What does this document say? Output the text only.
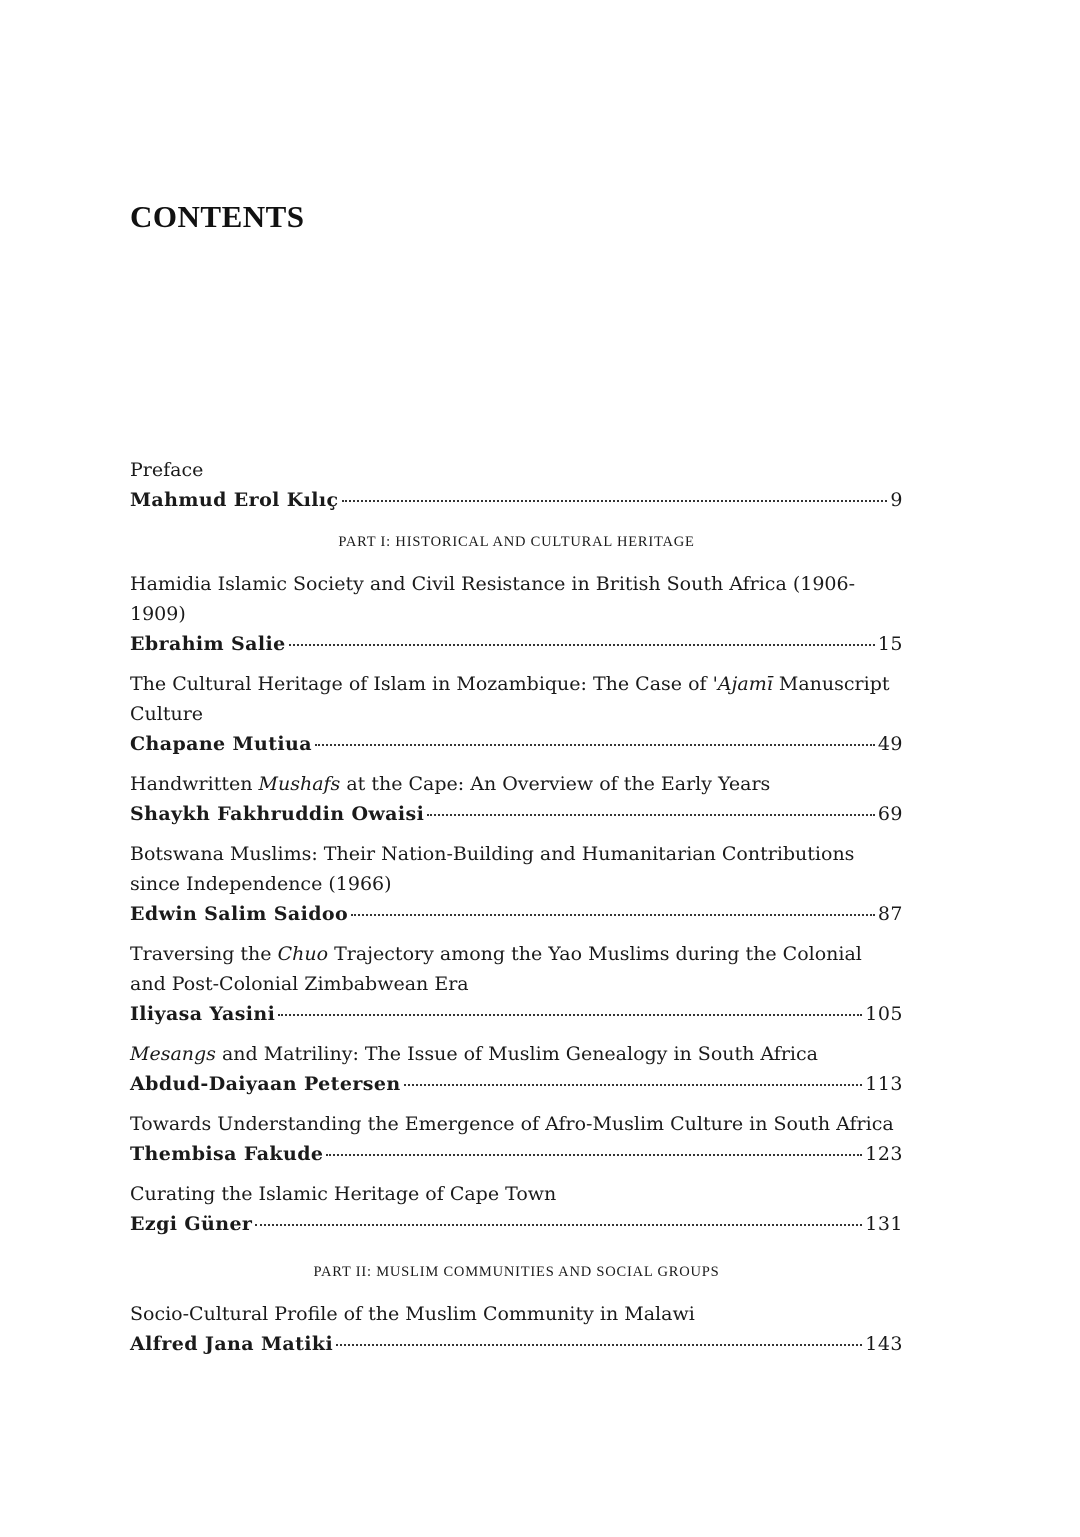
CONTENTS
Preface
Mahmud Erol Kılıç	9
PART I: HISTORICAL AND CULTURAL HERITAGE
Hamidia Islamic Society and Civil Resistance in British South Africa (1906-1909)
Ebrahim Salie	15
The Cultural Heritage of Islam in Mozambique: The Case of 'Ajamī Manuscript Culture
Chapane Mutiua	49
Handwritten Mushafs at the Cape: An Overview of the Early Years
Shaykh Fakhruddin Owaisi	69
Botswana Muslims: Their Nation-Building and Humanitarian Contributions since Independence (1966)
Edwin Salim Saidoo	87
Traversing the Chuo Trajectory among the Yao Muslims during the Colonial and Post-Colonial Zimbabwean Era
Iliyasa Yasini	105
Mesangs and Matriliny: The Issue of Muslim Genealogy in South Africa
Abdud-Daiyaan Petersen	113
Towards Understanding the Emergence of Afro-Muslim Culture in South Africa
Thembisa Fakude	123
Curating the Islamic Heritage of Cape Town
Ezgi Güner	131
PART II: MUSLIM COMMUNITIES AND SOCIAL GROUPS
Socio-Cultural Profile of the Muslim Community in Malawi
Alfred Jana Matiki	143
